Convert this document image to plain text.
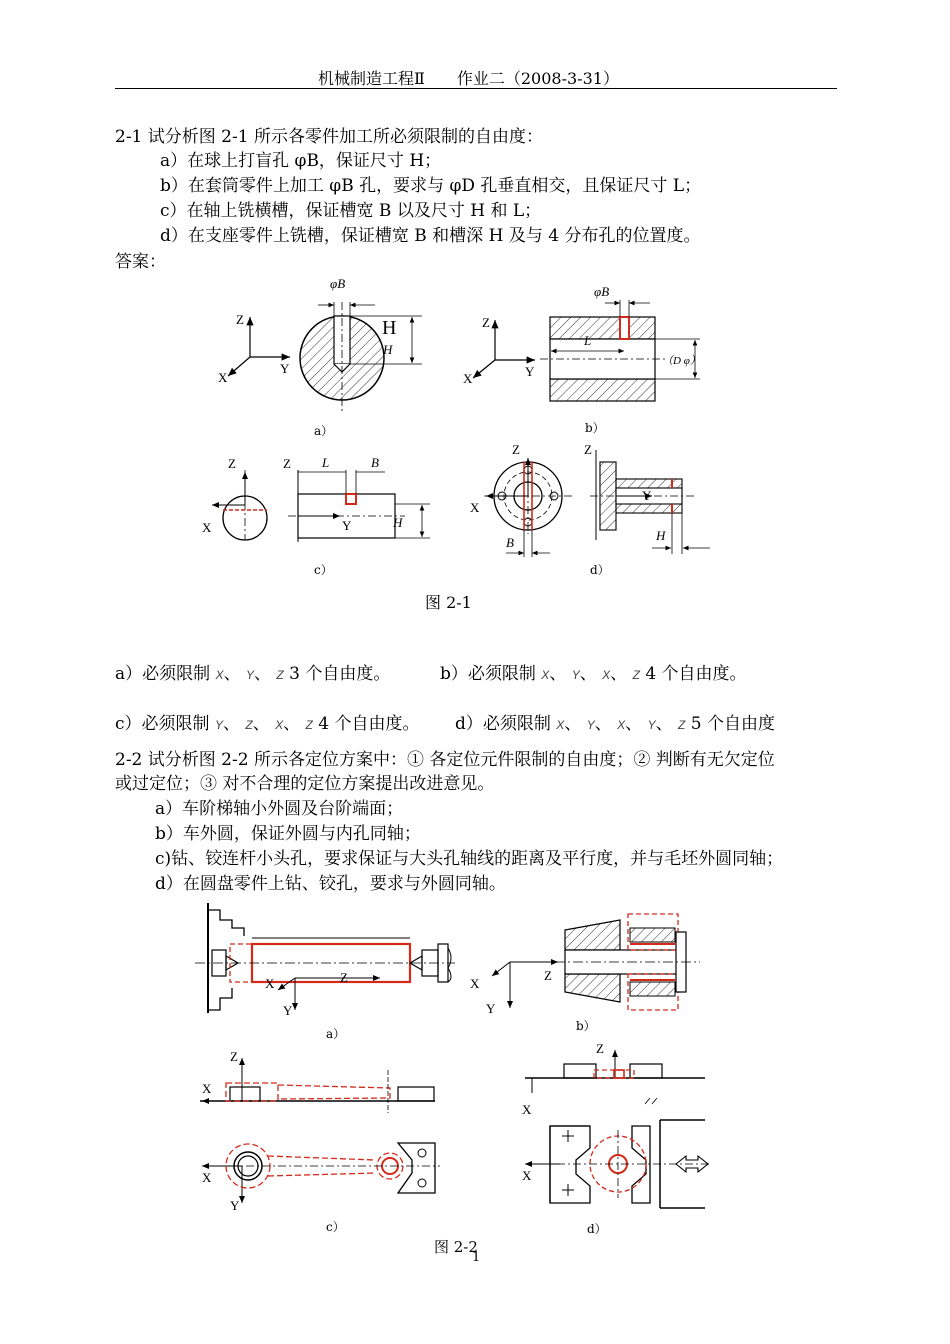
机械制造工程Ⅱ　　作业二（2008-3-31）
2-1 试分析图 2-1 所示各零件加工所必须限制的自由度：
a）在球上打盲孔 φB，保证尺寸 H；
b）在套筒零件上加工 φB 孔，要求与 φD 孔垂直相交，且保证尺寸 L；
c）在轴上铣横槽，保证槽宽 B 以及尺寸 H 和 L；
d）在支座零件上铣槽，保证槽宽 B 和槽深 H 及与 4 分布孔的位置度。
答案：
Z
Y
X
φB
H
H
a）
Z
Y
X
φB
L
（D φ）
b）
Z
X
Z
Y
L	B
H
c）
Z
X
B
Z
Y
H
d）
图 2-1
a）必须限制 X、 Y、 Z 3 个自由度。	b）必须限制 X、 Y、 X、 Z 4 个自由度。
c）必须限制 Y、 Z、 X、 Z 4 个自由度。 d）必须限制 X、 Y、 X、 Y、 Z 5 个自由度
2-2 试分析图 2-2 所示各定位方案中：① 各定位元件限制的自由度；② 判断有无欠定位
或过定位；③ 对不合理的定位方案提出改进意见。
a）车阶梯轴小外圆及台阶端面；
b）车外圆，保证外圆与内孔同轴；
c)钻、铰连杆小头孔，要求保证与大头孔轴线的距离及平行度，并与毛坯外圆同轴；
d）在圆盘零件上钻、铰孔，要求与外圆同轴。
Z
X
Y
a）
Z
X
Y
b）
Z
X
X
Y
c）
Z
X
X
d）
图 2-2
1
